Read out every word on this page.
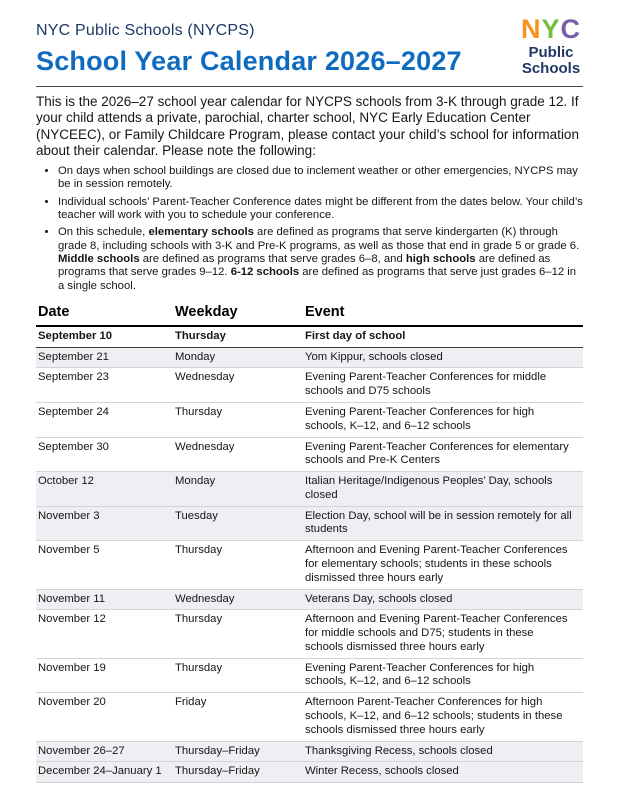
NYC Public Schools (NYCPS)
School Year Calendar 2026–2027
NYC
Public
Schools

This is the 2026–27 school year calendar for NYCPS schools from 3-K through grade 12. If your child attends a private, parochial, charter school, NYC Early Education Center (NYCEEC), or Family Childcare Program, please contact your child’s school for information about their calendar. Please note the following:

• On days when school buildings are closed due to inclement weather or other emergencies, NYCPS may be in session remotely.
• Individual schools’ Parent-Teacher Conference dates might be different from the dates below. Your child’s teacher will work with you to schedule your conference.
• On this schedule, elementary schools are defined as programs that serve kindergarten (K) through grade 8, including schools with 3-K and Pre-K programs, as well as those that end in grade 5 or grade 6. Middle schools are defined as programs that serve grades 6–8, and high schools are defined as programs that serve grades 9–12. 6-12 schools are defined as programs that serve just grades 6–12 in a single school.
Date	Weekday	Event
September 10	Thursday	First day of school
September 21	Monday	Yom Kippur, schools closed
September 23	Wednesday	Evening Parent-Teacher Conferences for middle schools and D75 schools
September 24	Thursday	Evening Parent-Teacher Conferences for high schools, K–12, and 6–12 schools
September 30	Wednesday	Evening Parent-Teacher Conferences for elementary schools and Pre-K Centers
October 12	Monday	Italian Heritage/Indigenous Peoples’ Day, schools closed
November 3	Tuesday	Election Day, school will be in session remotely for all students
November 5	Thursday	Afternoon and Evening Parent-Teacher Conferences for elementary schools; students in these schools dismissed three hours early
November 11	Wednesday	Veterans Day, schools closed
November 12	Thursday	Afternoon and Evening Parent-Teacher Conferences for middle schools and D75; students in these schools dismissed three hours early
November 19	Thursday	Evening Parent-Teacher Conferences for high schools, K–12, and 6–12 schools
November 20	Friday	Afternoon Parent-Teacher Conferences for high schools, K–12, and 6–12 schools; students in these schools dismissed three hours early
November 26–27	Thursday–Friday	Thanksgiving Recess, schools closed
December 24–January 1	Thursday–Friday	Winter Recess, schools closed
